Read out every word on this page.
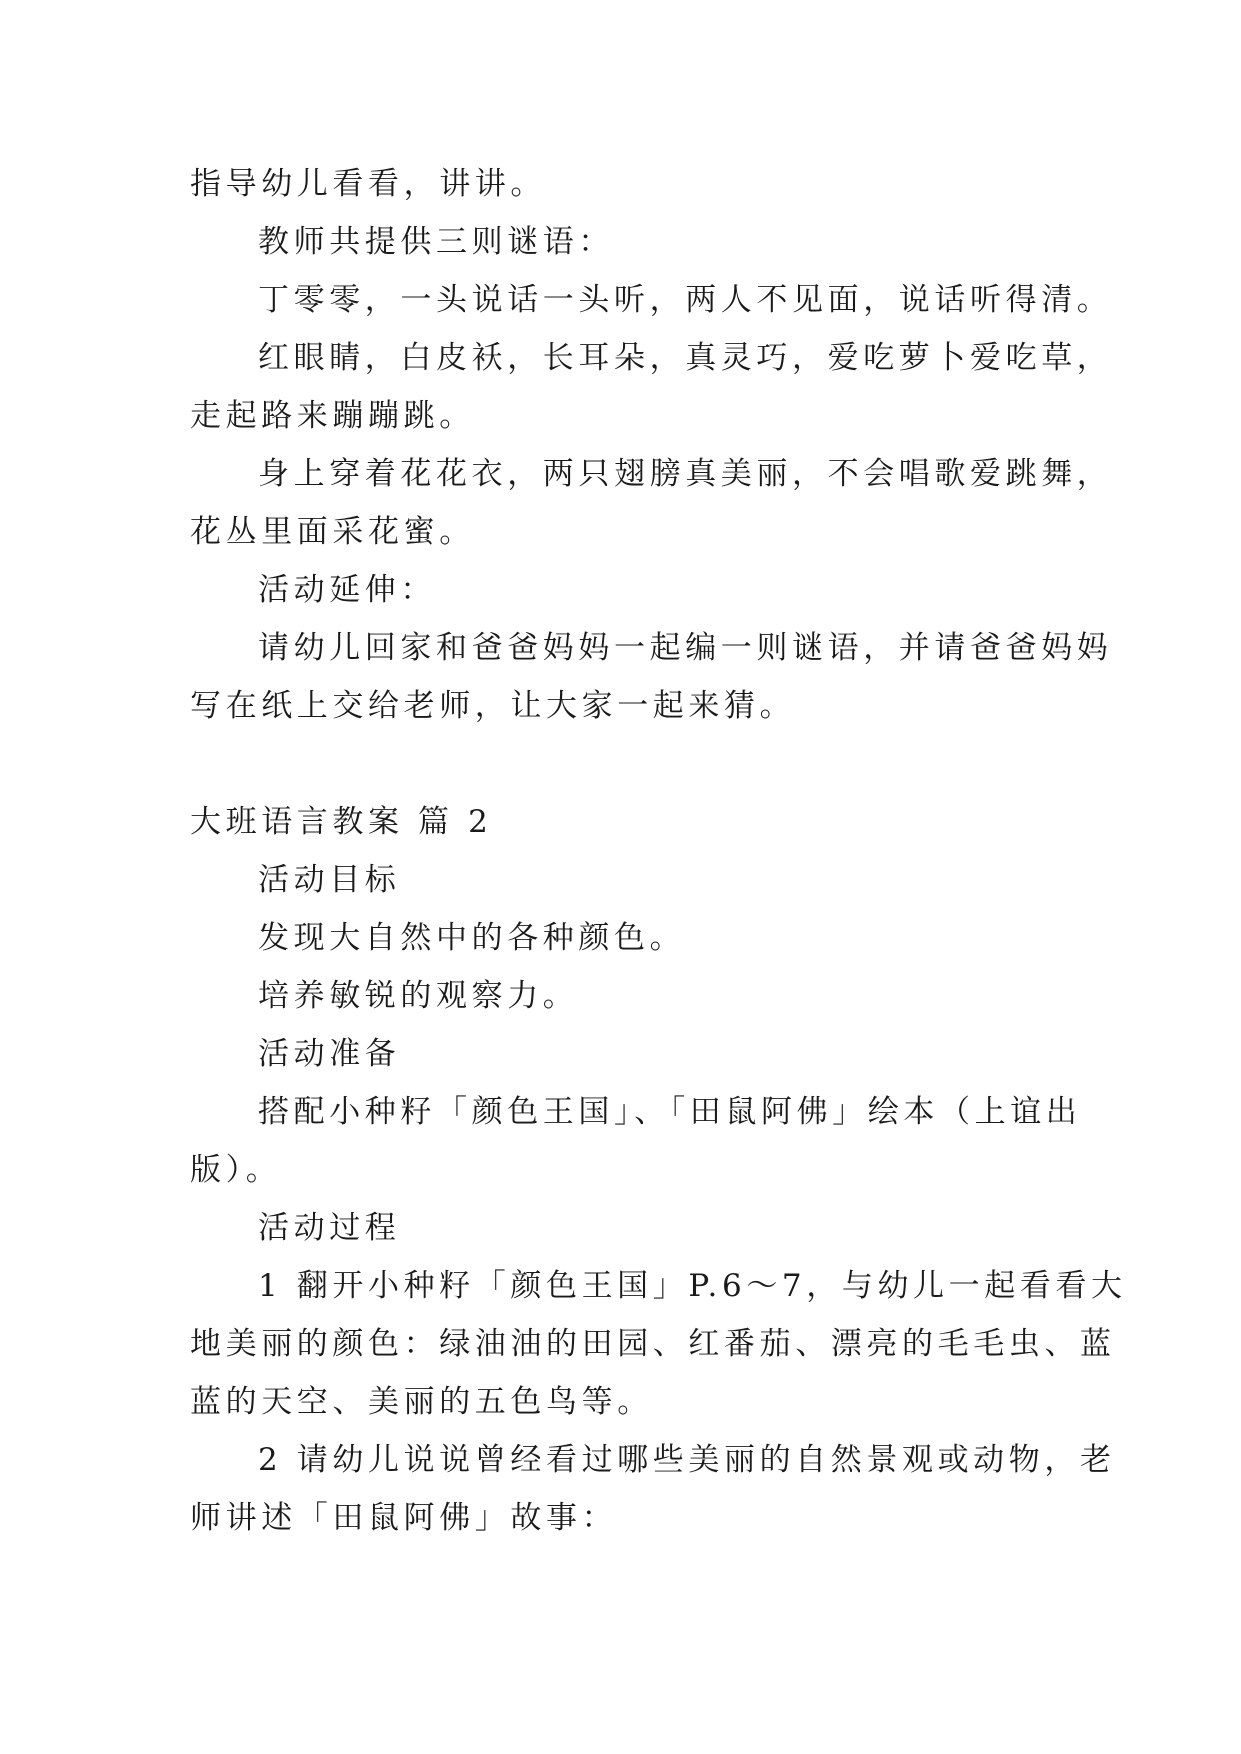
指导幼儿看看，讲讲。
教师共提供三则谜语：
丁零零，一头说话一头听，两人不见面，说话听得清。
红眼睛，白皮袄，长耳朵，真灵巧，爱吃萝卜爱吃草，
走起路来蹦蹦跳。
身上穿着花花衣，两只翅膀真美丽，不会唱歌爱跳舞，
花丛里面采花蜜。
活动延伸：
请幼儿回家和爸爸妈妈一起编一则谜语，并请爸爸妈妈
写在纸上交给老师，让大家一起来猜。
大班语言教案 篇 2
活动目标
发现大自然中的各种颜色。
培养敏锐的观察力。
活动准备
搭配小种籽「颜色王国」、「田鼠阿佛」绘本（上谊出
版）。
活动过程
1 翻开小种籽「颜色王国」P.6～7，与幼儿一起看看大
地美丽的颜色：绿油油的田园、红番茄、漂亮的毛毛虫、蓝
蓝的天空、美丽的五色鸟等。
2 请幼儿说说曾经看过哪些美丽的自然景观或动物，老
师讲述「田鼠阿佛」故事：
